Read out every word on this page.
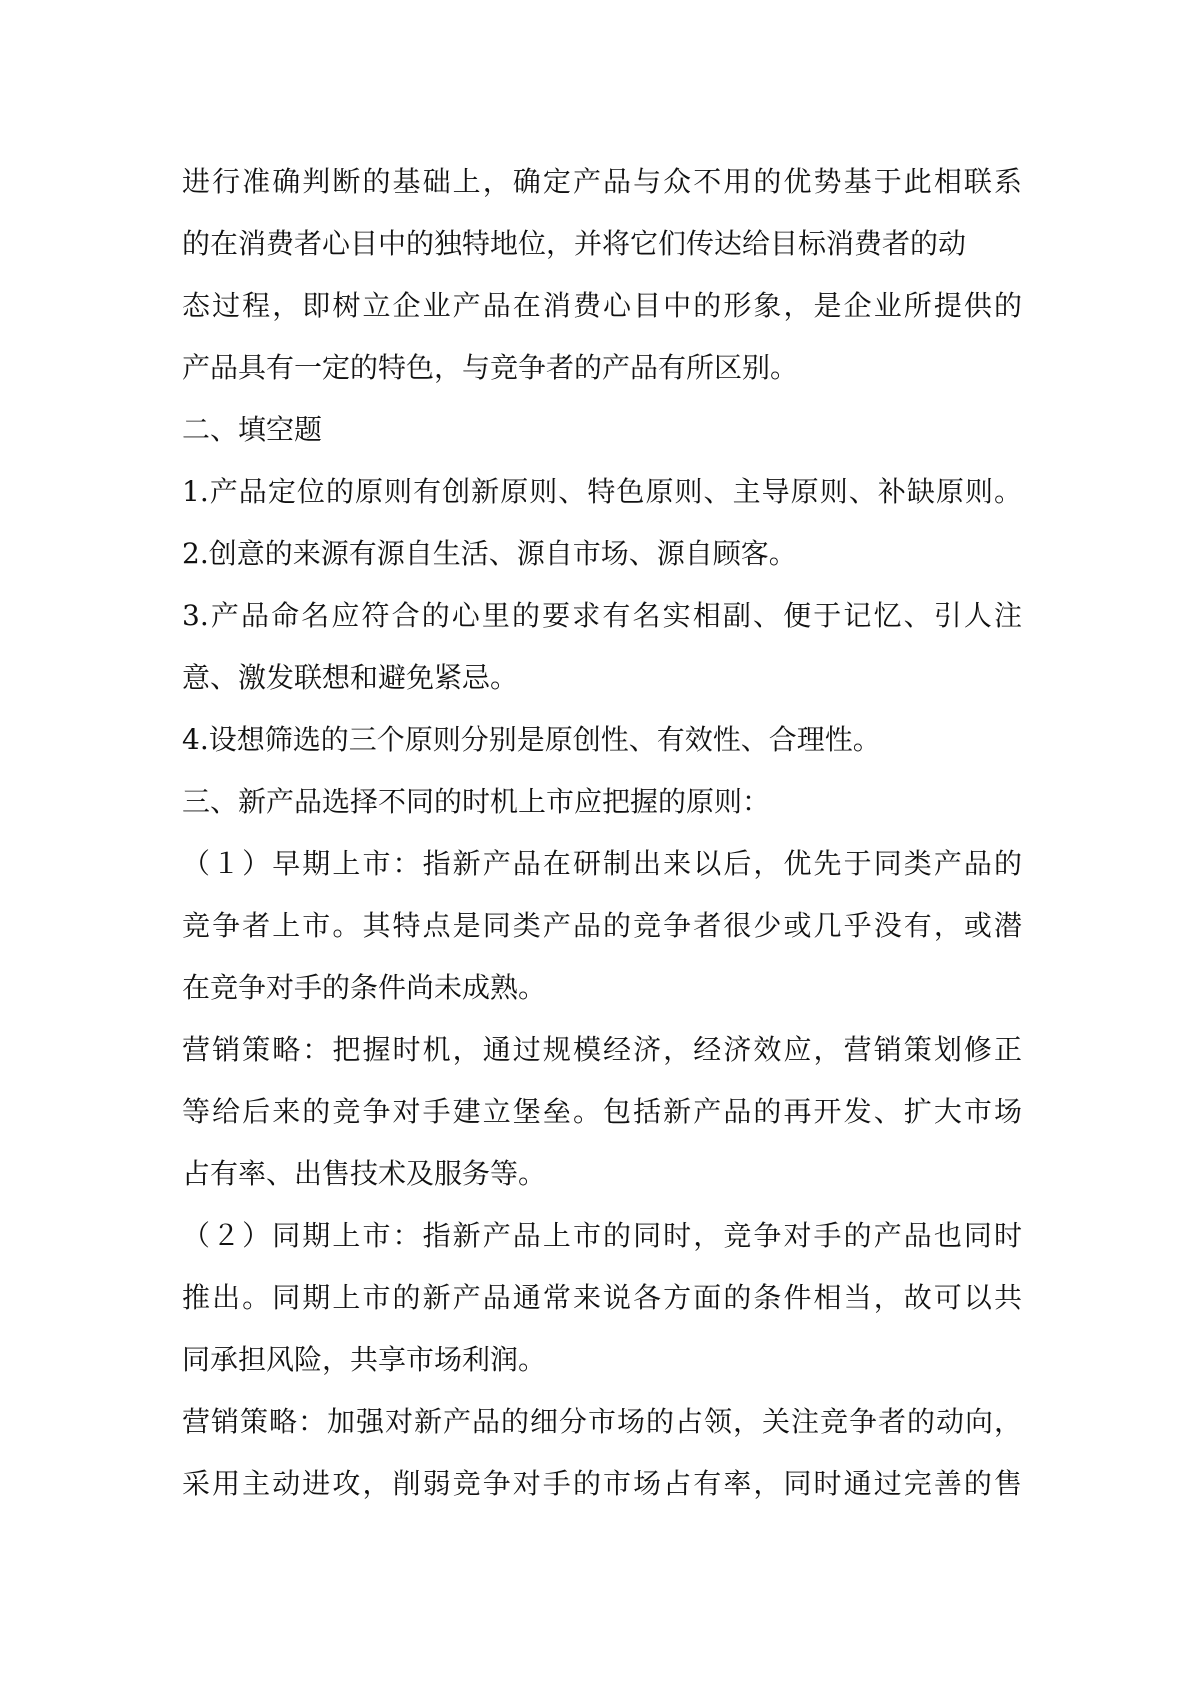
进行准确判断的基础上，确定产品与众不用的优势基于此相联系
的在消费者心目中的独特地位，并将它们传达给目标消费者的动
态过程，即树立企业产品在消费心目中的形象，是企业所提供的
产品具有一定的特色，与竞争者的产品有所区别。
二、填空题
1.产品定位的原则有创新原则、特色原则、主导原则、补缺原则。
2.创意的来源有源自生活、源自市场、源自顾客。
3.产品命名应符合的心里的要求有名实相副、便于记忆、引人注
意、激发联想和避免紧忌。
4.设想筛选的三个原则分别是原创性、有效性、合理性。
三、新产品选择不同的时机上市应把握的原则：
（１）早期上市：指新产品在研制出来以后，优先于同类产品的
竞争者上市。其特点是同类产品的竞争者很少或几乎没有，或潜
在竞争对手的条件尚未成熟。
营销策略：把握时机，通过规模经济，经济效应，营销策划修正
等给后来的竞争对手建立堡垒。包括新产品的再开发、扩大市场
占有率、出售技术及服务等。
（２）同期上市：指新产品上市的同时，竞争对手的产品也同时
推出。同期上市的新产品通常来说各方面的条件相当，故可以共
同承担风险，共享市场利润。
营销策略：加强对新产品的细分市场的占领，关注竞争者的动向，
采用主动进攻，削弱竞争对手的市场占有率，同时通过完善的售
